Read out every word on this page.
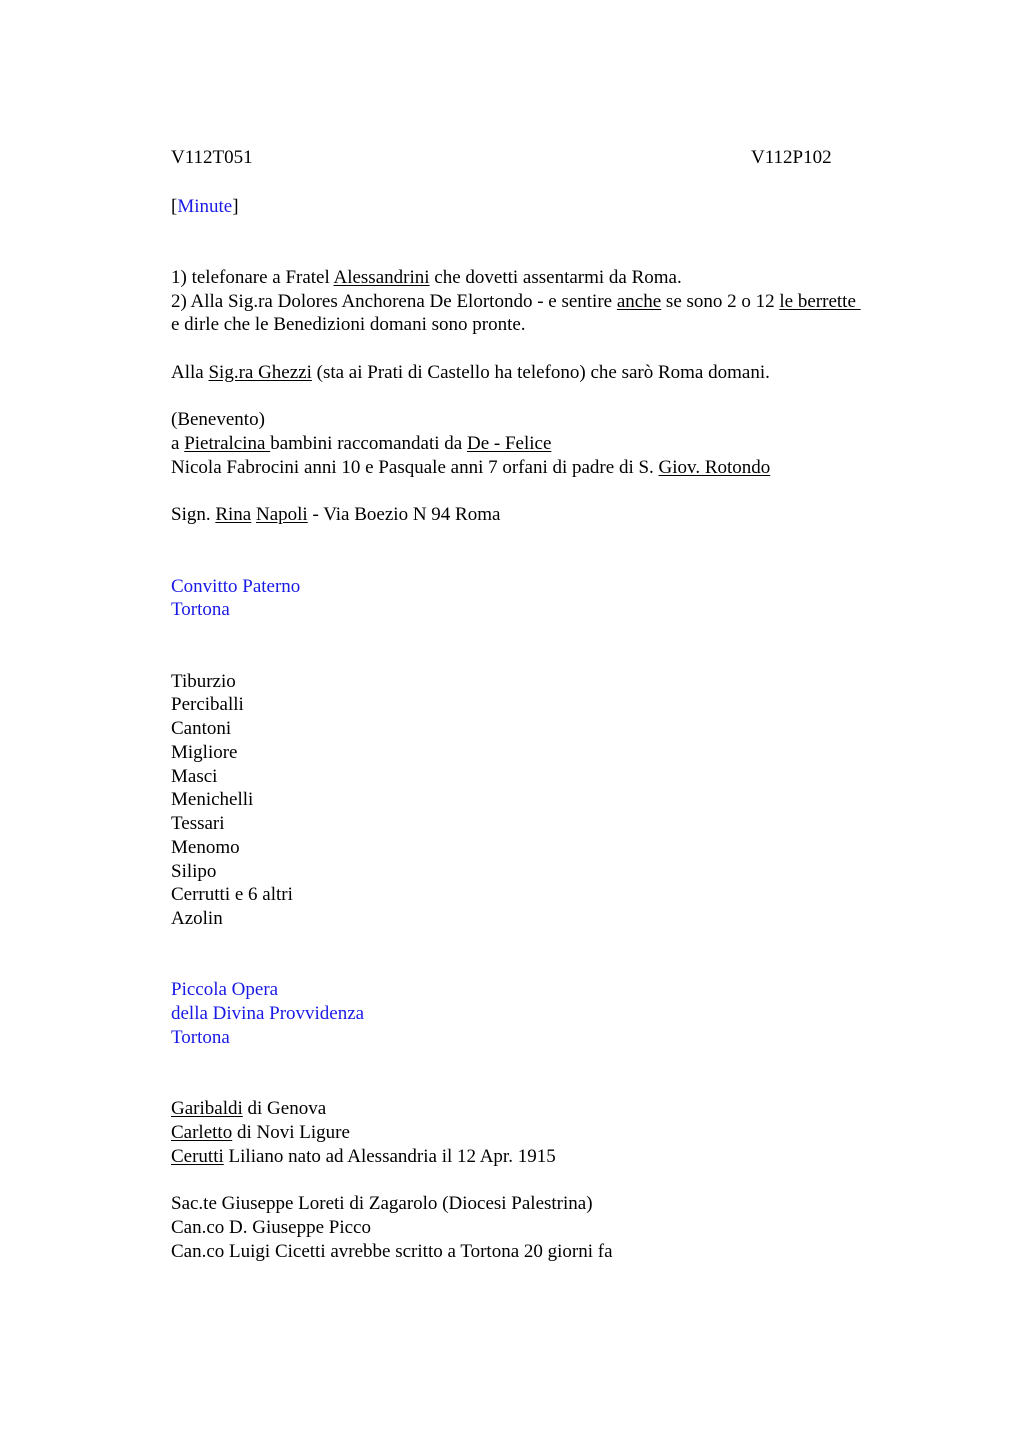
V112T051	V112P102
[Minute]
1) telefonare a Fratel Alessandrini che dovetti assentarmi da Roma.
2) Alla Sig.ra Dolores Anchorena De Elortondo - e sentire anche se sono 2 o 12 le berrette
e dirle che le Benedizioni domani sono pronte.
Alla Sig.ra Ghezzi (sta ai Prati di Castello ha telefono) che sarò Roma domani.
(Benevento)
a Pietralcina bambini raccomandati da De - Felice
Nicola Fabrocini anni 10 e Pasquale anni 7 orfani di padre di S. Giov. Rotondo
Sign. Rina Napoli - Via Boezio N 94 Roma
Convitto Paterno
Tortona
Tiburzio
Perciballi
Cantoni
Migliore
Masci
Menichelli
Tessari
Menomo
Silipo
Cerrutti e 6 altri
Azolin
Piccola Opera
della Divina Provvidenza
Tortona
Garibaldi di Genova
Carletto di Novi Ligure
Cerutti Liliano nato ad Alessandria il 12 Apr. 1915
Sac.te Giuseppe Loreti di Zagarolo (Diocesi Palestrina)
Can.co D. Giuseppe Picco
Can.co Luigi Cicetti avrebbe scritto a Tortona 20 giorni fa
